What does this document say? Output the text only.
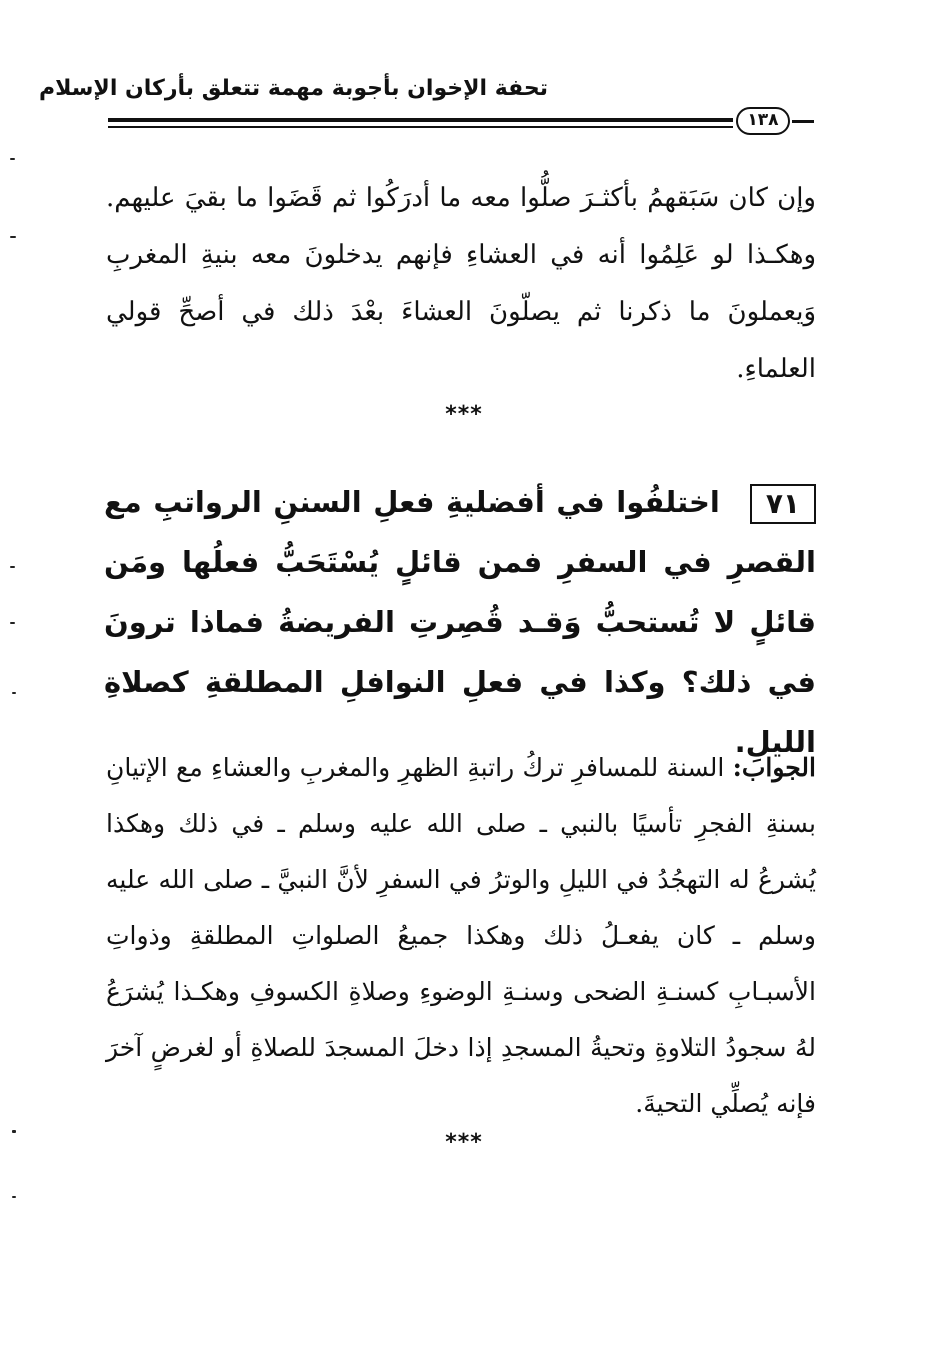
تحفة الإخوان بأجوبة مهمة تتعلق بأركان الإسلام
١٣٨
وإن كان سَبَقهمُ بأكثـرَ صلُّوا معه ما أدرَكُوا ثم قَضَوا ما بقيَ عليهم. وهكـذا لو عَلِمُوا أنه في العشاءِ فإنهم يدخلونَ معه بنيةِ المغربِ وَيعملونَ ما ذكرنا ثم يصلّونَ العشاءَ بعْدَ ذلك في أصحِّ قولي العلماءِ.
***
٧١اختلفُوا في أفضليةِ فعلِ السننِ الرواتبِ مع القصرِ في السفرِ فمن قائلٍ يُسْتَحَبُّ فعلُها ومَن قائلٍ لا تُستحبُّ وَقـد قُصِرتِ الفريضةُ فماذا ترونَ في ذلك؟ وكذا في فعلِ النوافلِ المطلقةِ كصلاةِ الليلِ.
الجواب: السنة للمسافرِ تركُ راتبةِ الظهرِ والمغربِ والعشاءِ مع الإتيانِ بسنةِ الفجرِ تأسيًا بالنبي ـ صلى الله عليه وسلم ـ في ذلك وهكذا يُشرعُ له التهجُدُ في الليلِ والوترُ في السفرِ لأنَّ النبيَّ ـ صلى الله عليه وسلم ـ كان يفعـلُ ذلك وهكذا جميعُ الصلواتِ المطلقةِ وذواتِ الأسبـابِ كسنـةِ الضحى وسنـةِ الوضوءِ وصلاةِ الكسوفِ وهكـذا يُشرَعُ لهُ سجودُ التلاوةِ وتحيةُ المسجدِ إذا دخلَ المسجدَ للصلاةِ أو لغرضٍ آخرَ فإنه يُصلِّي التحيةَ.
***
